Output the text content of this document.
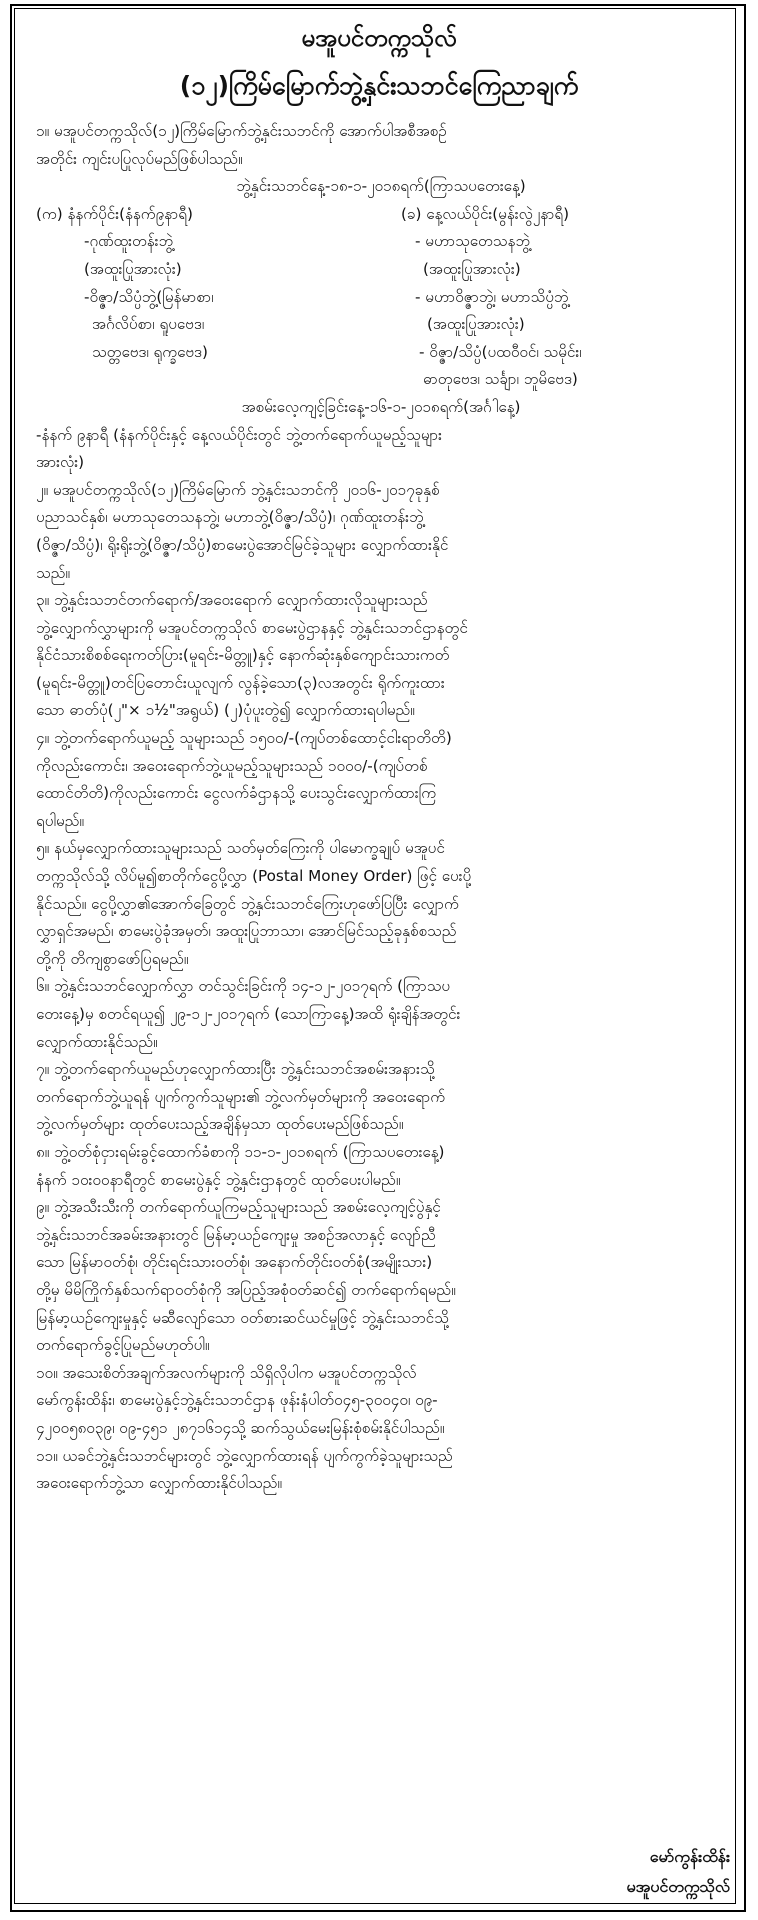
မအူပင်တက္ကသိုလ်
(၁၂)ကြိမ်မြောက်ဘွဲ့နှင်းသဘင်ကြေညာချက်
၁။ မအူပင်တက္ကသိုလ်(၁၂)ကြိမ်မြောက်ဘွဲ့နှင်းသဘင်ကို အောက်ပါအစီအစဉ်
အတိုင်း ကျင်းပပြုလုပ်မည်ဖြစ်ပါသည်။
ဘွဲ့နှင်းသဘင်နေ့-၁၈-၁-၂၀၁၈ရက်(ကြာသပတေးနေ့)
(က) နံနက်ပိုင်း(နံနက်၉နာရီ)	(ခ) နေ့လယ်ပိုင်း(မွန်းလွဲ၂နာရီ)
-ဂုဏ်ထူးတန်းဘွဲ့	- မဟာသုတေသနဘွဲ့
(အထူးပြုအားလုံး)	(အထူးပြုအားလုံး)
-ဝိဇ္ဇာ/သိပ္ပံဘွဲ့(မြန်မာစာ၊	- မဟာဝိဇ္ဇာဘွဲ့၊ မဟာသိပ္ပံဘွဲ့
အင်္ဂလိပ်စာ၊ ရူပဗေဒ၊	(အထူးပြုအားလုံး)
သတ္တဗေဒ၊ ရုက္ခဗေဒ)	- ဝိဇ္ဇာ/သိပ္ပံ(ပထဝီဝင်၊ သမိုင်း၊
ဓာတုဗေဒ၊ သင်္ချာ၊ ဘူမိဗေဒ)
အစမ်းလေ့ကျင့်ခြင်းနေ့-၁၆-၁-၂၀၁၈ရက်(အင်္ဂါနေ့)
-နံနက် ၉နာရီ (နံနက်ပိုင်းနှင့် နေ့လယ်ပိုင်းတွင် ဘွဲ့တက်ရောက်ယူမည့်သူများ
အားလုံး)
၂။ မအူပင်တက္ကသိုလ်(၁၂)ကြိမ်မြောက် ဘွဲ့နှင်းသဘင်ကို ၂၀၁၆-၂၀၁၇ခုနှစ်
ပညာသင်နှစ်၊ မဟာသုတေသနဘွဲ့၊ မဟာဘွဲ့(ဝိဇ္ဇာ/သိပ္ပံ)၊ ဂုဏ်ထူးတန်းဘွဲ့
(ဝိဇ္ဇာ/သိပ္ပံ)၊ ရိုးရိုးဘွဲ့(ဝိဇ္ဇာ/သိပ္ပံ)စာမေးပွဲအောင်မြင်ခဲ့သူများ လျှောက်ထားနိုင်
သည်။
၃။ ဘွဲ့နှင်းသဘင်တက်ရောက်/အဝေးရောက် လျှောက်ထားလိုသူများသည်
ဘွဲ့လျှောက်လွှာများကို မအူပင်တက္ကသိုလ် စာမေးပွဲဌာနနှင့် ဘွဲ့နှင်းသဘင်ဌာနတွင်
နိုင်ငံသားစိစစ်ရေးကတ်ပြား(မူရင်း-မိတ္တူ)နှင့် နောက်ဆုံးနှစ်ကျောင်းသားကတ်
(မူရင်း-မိတ္တူ)တင်ပြတောင်းယူလျက် လွန်ခဲ့သော(၃)လအတွင်း ရိုက်ကူးထား
သော ဓာတ်ပုံ(၂"× ၁½"အရွယ်) (၂)ပုံပူးတွဲ၍ လျှောက်ထားရပါမည်။
၄။ ဘွဲ့တက်ရောက်ယူမည့် သူများသည် ၁၅၀၀/-(ကျပ်တစ်ထောင့်ငါးရာတိတိ)
ကိုလည်းကောင်း၊ အဝေးရောက်ဘွဲ့ယူမည့်သူများသည် ၁၀၀၀/-(ကျပ်တစ်
ထောင်တိတိ)ကိုလည်းကောင်း ငွေလက်ခံဌာနသို့ ပေးသွင်းလျှောက်ထားကြ
ရပါမည်။
၅။ နယ်မှလျှောက်ထားသူများသည် သတ်မှတ်ကြေးကို ပါမောက္ခချုပ် မအူပင်
တက္ကသိုလ်သို့ လိပ်မူ၍စာတိုက်ငွေပို့လွှာ (Postal Money Order) ဖြင့် ပေးပို့
နိုင်သည်။ ငွေပို့လွှာ၏အောက်ခြေတွင် ဘွဲ့နှင်းသဘင်ကြေးဟုဖော်ပြပြီး လျှောက်
လွှာရှင်အမည်၊ စာမေးပွဲခုံအမှတ်၊ အထူးပြုဘာသာ၊ အောင်မြင်သည့်ခုနှစ်စသည်
တို့ကို တိကျစွာဖော်ပြရမည်။
၆။ ဘွဲ့နှင်းသဘင်လျှောက်လွှာ တင်သွင်းခြင်းကို ၁၄-၁၂-၂၀၁၇ရက် (ကြာသပ
တေးနေ့)မှ စတင်ရယူ၍ ၂၉-၁၂-၂၀၁၇ရက် (သောကြာနေ့)အထိ ရုံးချိန်အတွင်း
လျှောက်ထားနိုင်သည်။
၇။ ဘွဲ့တက်ရောက်ယူမည်ဟုလျှောက်ထားပြီး ဘွဲ့နှင်းသဘင်အစမ်းအနားသို့
တက်ရောက်ဘွဲ့ယူရန် ပျက်ကွက်သူများ၏ ဘွဲ့လက်မှတ်များကို အဝေးရောက်
ဘွဲ့လက်မှတ်များ ထုတ်ပေးသည့်အချိန်မှသာ ထုတ်ပေးမည်ဖြစ်သည်။
၈။ ဘွဲ့ဝတ်စုံငှားရမ်းခွင့်ထောက်ခံစာကို ၁၁-၁-၂၀၁၈ရက် (ကြာသပတေးနေ့)
နံနက် ၁၀း၀၀နာရီတွင် စာမေးပွဲနှင့် ဘွဲ့နှင်းဌာနတွင် ထုတ်ပေးပါမည်။
၉။ ဘွဲ့အသီးသီးကို တက်ရောက်ယူကြမည့်သူများသည် အစမ်းလေ့ကျင့်ပွဲနှင့်
ဘွဲ့နှင်းသဘင်အခမ်းအနားတွင် မြန်မာ့ယဉ်ကျေးမှု အစဉ်အလာနှင့် လျော်ညီ
သော မြန်မာဝတ်စုံ၊ တိုင်းရင်းသားဝတ်စုံ၊ အနောက်တိုင်းဝတ်စုံ(အမျိုးသား)
တို့မှ မိမိကြိုက်နှစ်သက်ရာဝတ်စုံကို အပြည့်အစုံဝတ်ဆင်၍ တက်ရောက်ရမည်။
မြန်မာ့ယဉ်ကျေးမှုနှင့် မဆီလျော်သော ဝတ်စားဆင်ယင်မှုဖြင့် ဘွဲ့နှင်းသဘင်သို့
တက်ရောက်ခွင့်ပြုမည်မဟုတ်ပါ။
၁၀။ အသေးစိတ်အချက်အလက်များကို သိရှိလိုပါက မအူပင်တက္ကသိုလ်
မော်ကွန်းထိန်း၊ စာမေးပွဲနှင့်ဘွဲ့နှင်းသဘင်ဌာန ဖုန်းနံပါတ်၀၄၅-၃၀၀၄၀၊ ၀၉-
၄၂၀၀၅၈၀၃၉၊ ၀၉-၄၅၁ ၂၈၇၁၆၁၄သို့ ဆက်သွယ်မေးမြန်းစုံစမ်းနိုင်ပါသည်။
၁၁။ ယခင်ဘွဲ့နှင်းသဘင်များတွင် ဘွဲ့လျှောက်ထားရန် ပျက်ကွက်ခဲ့သူများသည်
အဝေးရောက်ဘွဲ့သာ လျှောက်ထားနိုင်ပါသည်။
မော်ကွန်းထိန်း
မအူပင်တက္ကသိုလ်
